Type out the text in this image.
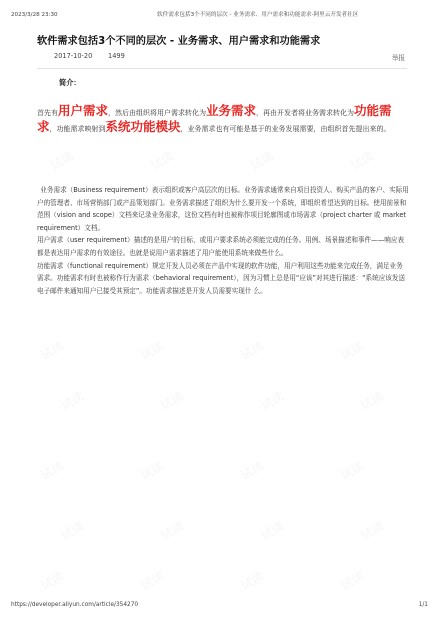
2023/3/28 23:30	软件需求包括3个不同的层次 - 业务需求、用户需求和功能需求-阿里云开发者社区
软件需求包括3个不同的层次 - 业务需求、用户需求和功能需求
2017-10-20 1499	举报
简介：
首先有用户需求，然后由组织将用户需求转化为业务需求，再由开发者将业务需求转化为功能需求，功能需求映射到系统功能模块，业务需求也有可能是基于的业务发展需要，由组织首先提出来的。

业务需求（Business requirement）表示组织或客户高层次的目标。业务需求通常来自项目投资人、购买产品的客户、实际用户的管理者、市场营销部门或产品策划部门。业务需求描述了组织为什么要开发一个系统，即组织希望达到的目标。使用前景和范围（vision and scope）文档来记录业务需求，这份文档有时也被称作项目轮廓图或市场需求（project charter 或 market requirement）文档。

用户需求（user requirement）描述的是用户的目标，或用户要求系统必须能完成的任务。用例、场景描述和事件——响应表都是表达用户需求的有效途径。也就是说用户需求描述了用户能使用系统来做些什么。

功能需求（functional requirement）规定开发人员必须在产品中实现的软件功能，用户利用这些功能来完成任务，满足业务需求。功能需求有时也被称作行为需求（behavioral requirement），因为习惯上总是用“应该”对其进行描述：“系统应该发送电子邮件来通知用户已接受其预定”。功能需求描述是开发人员需要实现什 么。

试读	试读	试读	试读
试读	试读	试读	试读
试读	试读	试读	试读
试读	试读	试读	试读
试读	试读	试读	试读
试读	试读	试读	试读
https://developer.aliyun.com/article/354270	1/1
